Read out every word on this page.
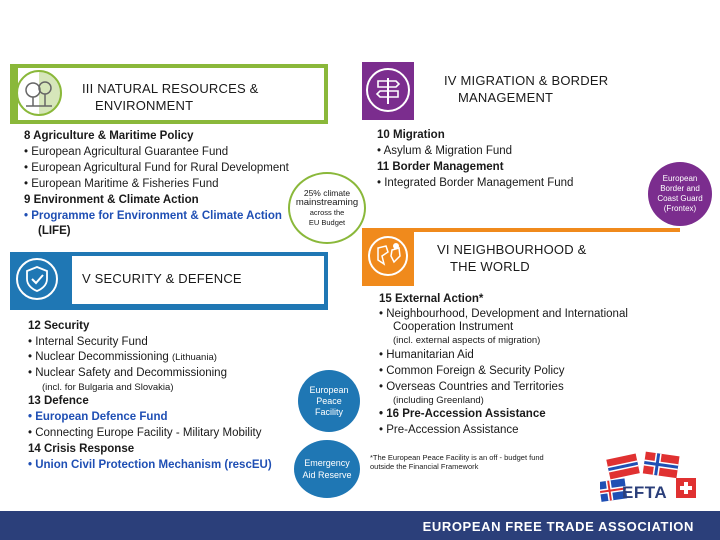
III NATURAL RESOURCES &
ENVIRONMENT
8 Agriculture & Maritime Policy
• European Agricultural Guarantee Fund
• European Agricultural Fund for Rural Development
• European Maritime & Fisheries Fund
9 Environment & Climate Action
• Programme for Environment & Climate Action
(LIFE)
25% climate
mainstreaming
across the
EU Budget
IV MIGRATION & BORDER
MANAGEMENT
10 Migration
• Asylum & Migration Fund
11 Border Management
• Integrated Border Management Fund	European
Border and
Coast Guard
(Frontex)
VI NEIGHBOURHOOD &
THE WORLD
15 External Action*
• Neighbourhood, Development and International
Cooperation Instrument
(incl. external aspects of migration)
• Humanitarian Aid
• Common Foreign & Security Policy
• Overseas Countries and Territories
(including Greenland)
• 16 Pre-Accession Assistance
• Pre-Accession Assistance
*The European Peace Facility is an off - budget fund
outside the Financial Framework
V SECURITY & DEFENCE
12 Security
• Internal Security Fund
• Nuclear Decommissioning (Lithuania)
• Nuclear Safety and Decommissioning
(incl. for Bulgaria and Slovakia)
13 Defence
• European Defence Fund
• Connecting Europe Facility - Military Mobility
14 Crisis Response
• Union Civil Protection Mechanism (rescEU)
European
Peace
Facility
Emergency
Aid Reserve
EFTA
EUROPEAN FREE TRADE ASSOCIATION
